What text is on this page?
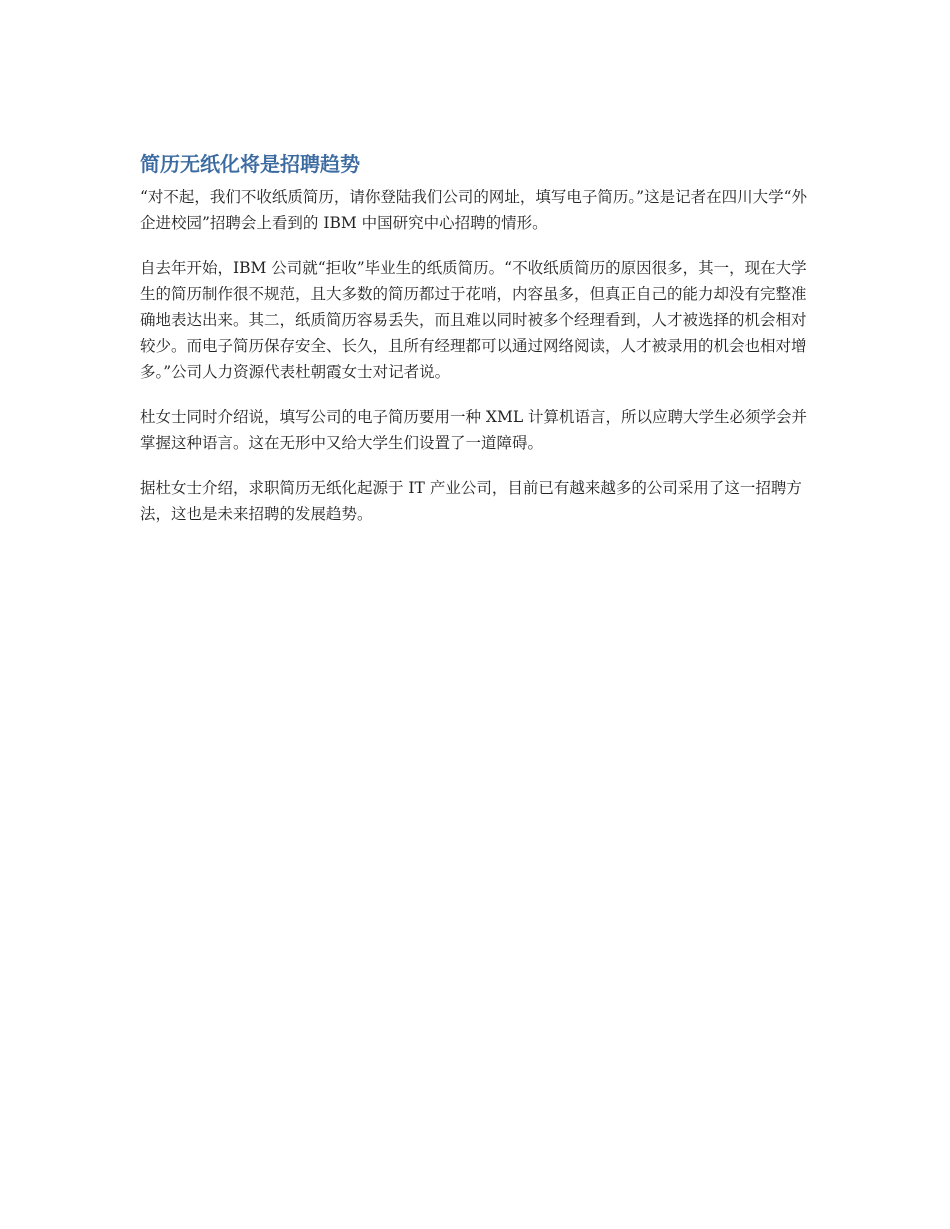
简历无纸化将是招聘趋势

“对不起，我们不收纸质简历，请你登陆我们公司的网址，填写电子简历。”这是记者在四川大学“外企进校园”招聘会上看到的 IBM 中国研究中心招聘的情形。

自去年开始，IBM 公司就“拒收”毕业生的纸质简历。“不收纸质简历的原因很多，其一，现在大学生的简历制作很不规范，且大多数的简历都过于花哨，内容虽多，但真正自己的能力却没有完整准确地表达出来。其二，纸质简历容易丢失，而且难以同时被多个经理看到，人才被选择的机会相对较少。而电子简历保存安全、长久，且所有经理都可以通过网络阅读，人才被录用的机会也相对增多。”公司人力资源代表杜朝霞女士对记者说。

杜女士同时介绍说，填写公司的电子简历要用一种 XML 计算机语言，所以应聘大学生必须学会并掌握这种语言。这在无形中又给大学生们设置了一道障碍。

据杜女士介绍，求职简历无纸化起源于 IT 产业公司，目前已有越来越多的公司采用了这一招聘方法，这也是未来招聘的发展趋势。
